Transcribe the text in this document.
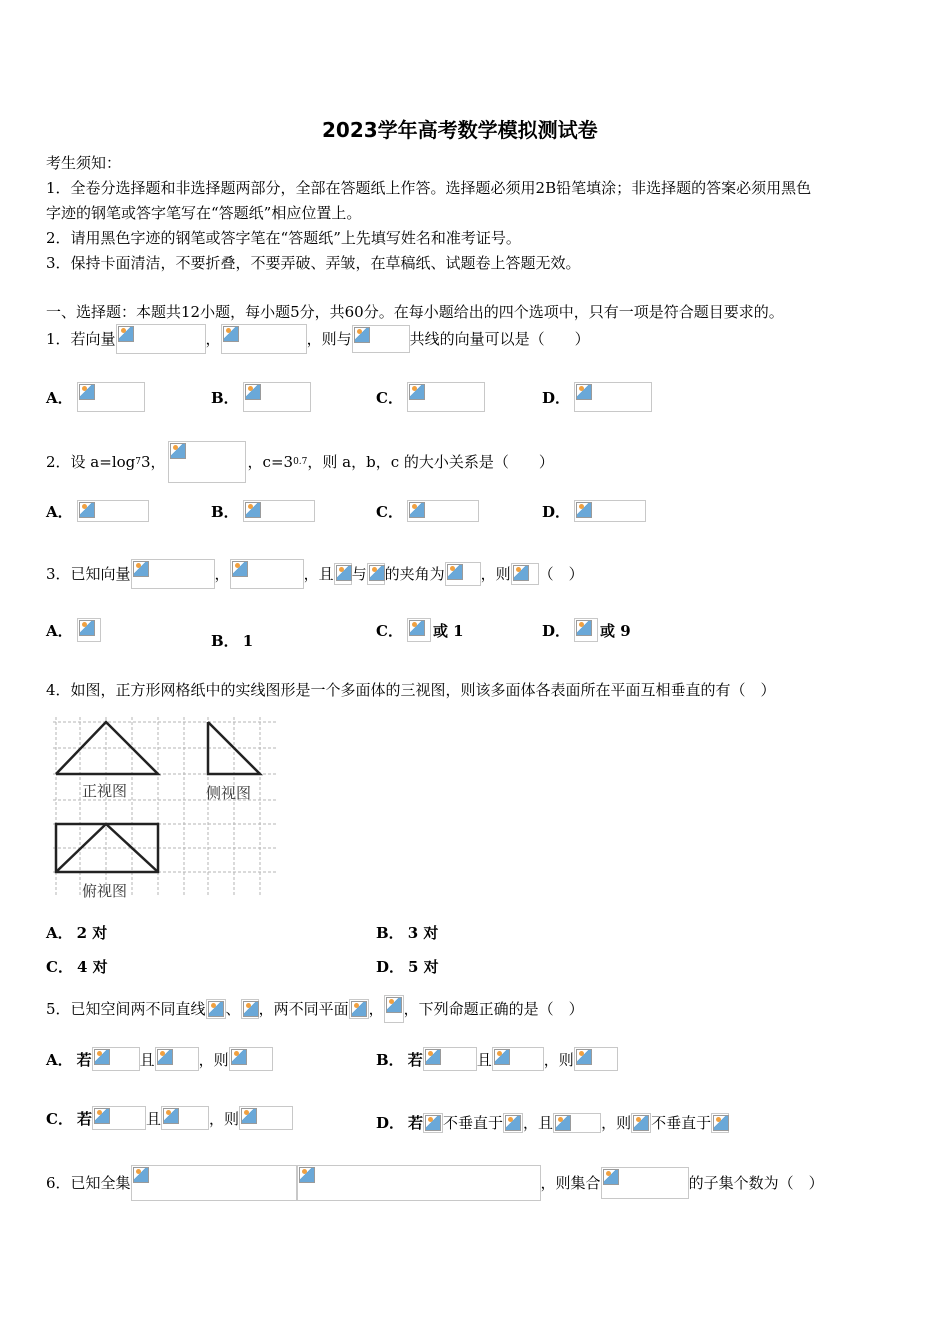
2023学年高考数学模拟测试卷
考生须知：
1．全卷分选择题和非选择题两部分，全部在答题纸上作答。选择题必须用2B铅笔填涂；非选择题的答案必须用黑色
字迹的钢笔或答字笔写在“答题纸”相应位置上。
2．请用黑色字迹的钢笔或答字笔在“答题纸”上先填写姓名和准考证号。
3．保持卡面清洁，不要折叠，不要弄破、弄皱，在草稿纸、试题卷上答题无效。
一、选择题：本题共12小题，每小题5分，共60分。在每小题给出的四个选项中，只有一项是符合题目要求的。
1．若向量	，	，则与	共线的向量可以是（　　）
A．	B．	C．	D．
2．设 a=log 7 3，	，c=3 0.7 ，则 a，b，c 的大小关系是（　　）
A．	B．	C．	D．
3．已知向量	，	，且 与 的夹角为 ，则 （　）
A．
B． 1
C． 或 1	D． 或 9
4．如图，正方形网格纸中的实线图形是一个多面体的三视图，则该多面体各表面所在平面互相垂直的有（　）
正视图	侧视图
俯视图
A． 2 对	B． 3 对
C． 4 对	D． 5 对
5．已知空间两不同直线 、 ，两不同平面 ， ，下列命题正确的是（　）
A． 若	且	，则	B． 若	且	，则
C． 若	且	，则	D． 若 不垂直于 ，且	，则 不垂直于
6．已知全集	，则集合	的子集个数为（　）
